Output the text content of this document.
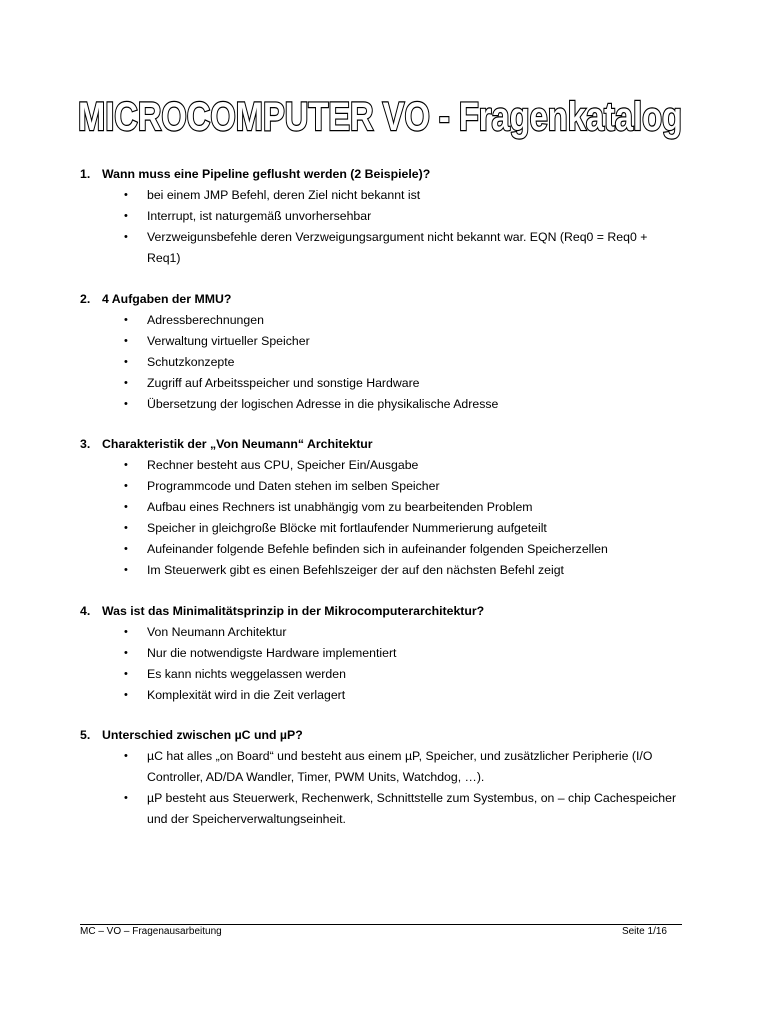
MICROCOMPUTER VO - Fragenkatalog
1. Wann muss eine Pipeline geflusht werden (2 Beispiele)?
• bei einem JMP Befehl, deren Ziel nicht bekannt ist
• Interrupt, ist naturgemäß unvorhersehbar
• Verzweigunsbefehle deren Verzweigungsargument nicht bekannt war. EQN (Req0 = Req0 + Req1)
2. 4 Aufgaben der MMU?
• Adressberechnungen
• Verwaltung virtueller Speicher
• Schutzkonzepte
• Zugriff auf Arbeitsspeicher und sonstige Hardware
• Übersetzung der logischen Adresse in die physikalische Adresse
3. Charakteristik der „Von Neumann“ Architektur
• Rechner besteht aus CPU, Speicher Ein/Ausgabe
• Programmcode und Daten stehen im selben Speicher
• Aufbau eines Rechners ist unabhängig vom zu bearbeitenden Problem
• Speicher in gleichgroße Blöcke mit fortlaufender Nummerierung aufgeteilt
• Aufeinander folgende Befehle befinden sich in aufeinander folgenden Speicherzellen
• Im Steuerwerk gibt es einen Befehlszeiger der auf den nächsten Befehl zeigt
4. Was ist das Minimalitätsprinzip in der Mikrocomputerarchitektur?
• Von Neumann Architektur
• Nur die notwendigste Hardware implementiert
• Es kann nichts weggelassen werden
• Komplexität wird in die Zeit verlagert
5. Unterschied zwischen µC und µP?
• µC hat alles „on Board“ und besteht aus einem µP, Speicher, und zusätzlicher Peripherie (I/O Controller, AD/DA Wandler, Timer, PWM Units, Watchdog, …).
• µP besteht aus Steuerwerk, Rechenwerk, Schnittstelle zum Systembus, on – chip Cachespeicher und der Speicherverwaltungseinheit.
MC – VO – Fragenausarbeitung	Seite 1/16
